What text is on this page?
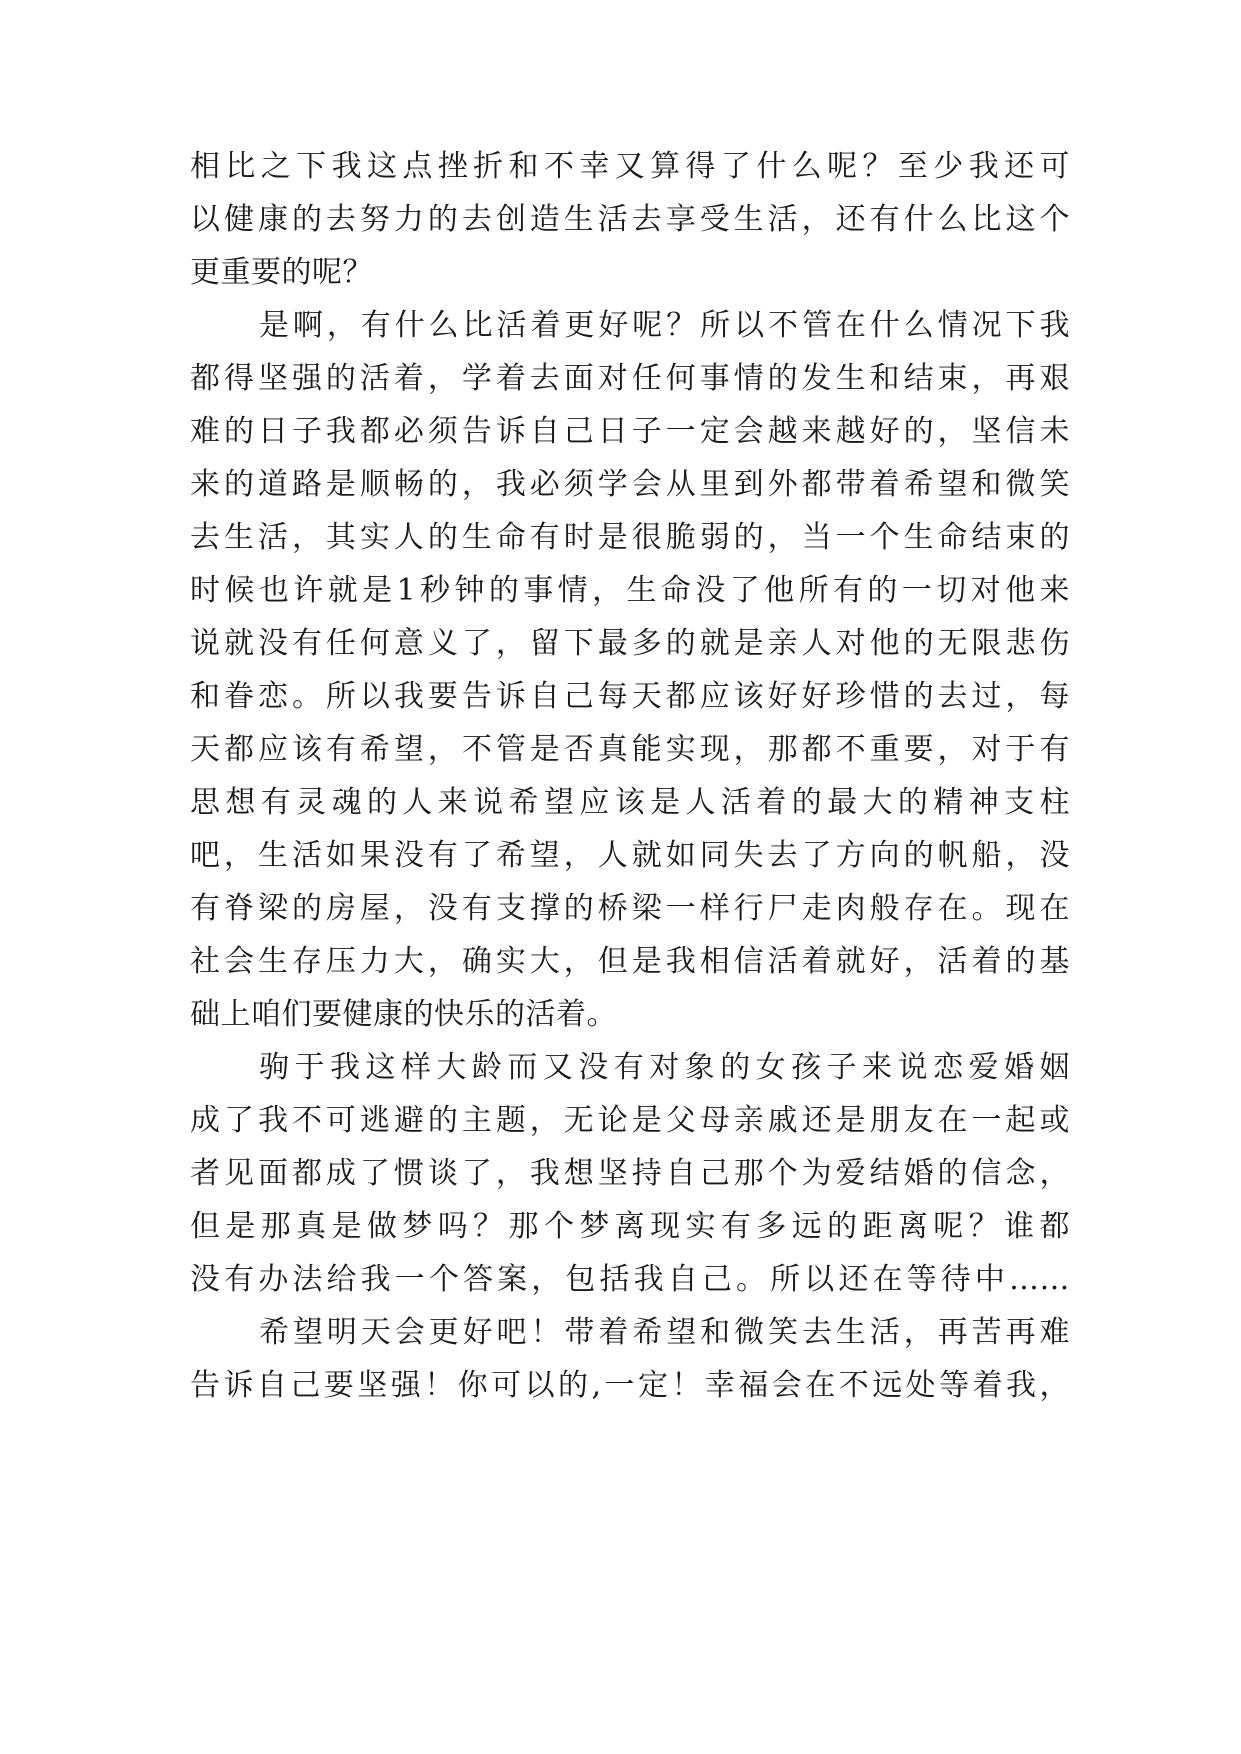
相比之下我这点挫折和不幸又算得了什么呢？至少我还可
以健康的去努力的去创造生活去享受生活，还有什么比这个
更重要的呢？
是啊，有什么比活着更好呢？所以不管在什么情况下我
都得坚强的活着，学着去面对任何事情的发生和结束，再艰
难的日子我都必须告诉自己日子一定会越来越好的，坚信未
来的道路是顺畅的，我必须学会从里到外都带着希望和微笑
去生活，其实人的生命有时是很脆弱的，当一个生命结束的
时候也许就是1秒钟的事情，生命没了他所有的一切对他来
说就没有任何意义了，留下最多的就是亲人对他的无限悲伤
和眷恋。所以我要告诉自己每天都应该好好珍惜的去过，每
天都应该有希望，不管是否真能实现，那都不重要，对于有
思想有灵魂的人来说希望应该是人活着的最大的精神支柱
吧，生活如果没有了希望，人就如同失去了方向的帆船，没
有脊梁的房屋，没有支撑的桥梁一样行尸走肉般存在。现在
社会生存压力大，确实大，但是我相信活着就好，活着的基
础上咱们要健康的快乐的活着。
驹于我这样大龄而又没有对象的女孩子来说恋爱婚姻
成了我不可逃避的主题，无论是父母亲戚还是朋友在一起或
者见面都成了惯谈了，我想坚持自己那个为爱结婚的信念，
但是那真是做梦吗？那个梦离现实有多远的距离呢？谁都
没有办法给我一个答案，包括我自己。所以还在等待中……
希望明天会更好吧！带着希望和微笑去生活，再苦再难
告诉自己要坚强！你可以的,一定！幸福会在不远处等着我，
